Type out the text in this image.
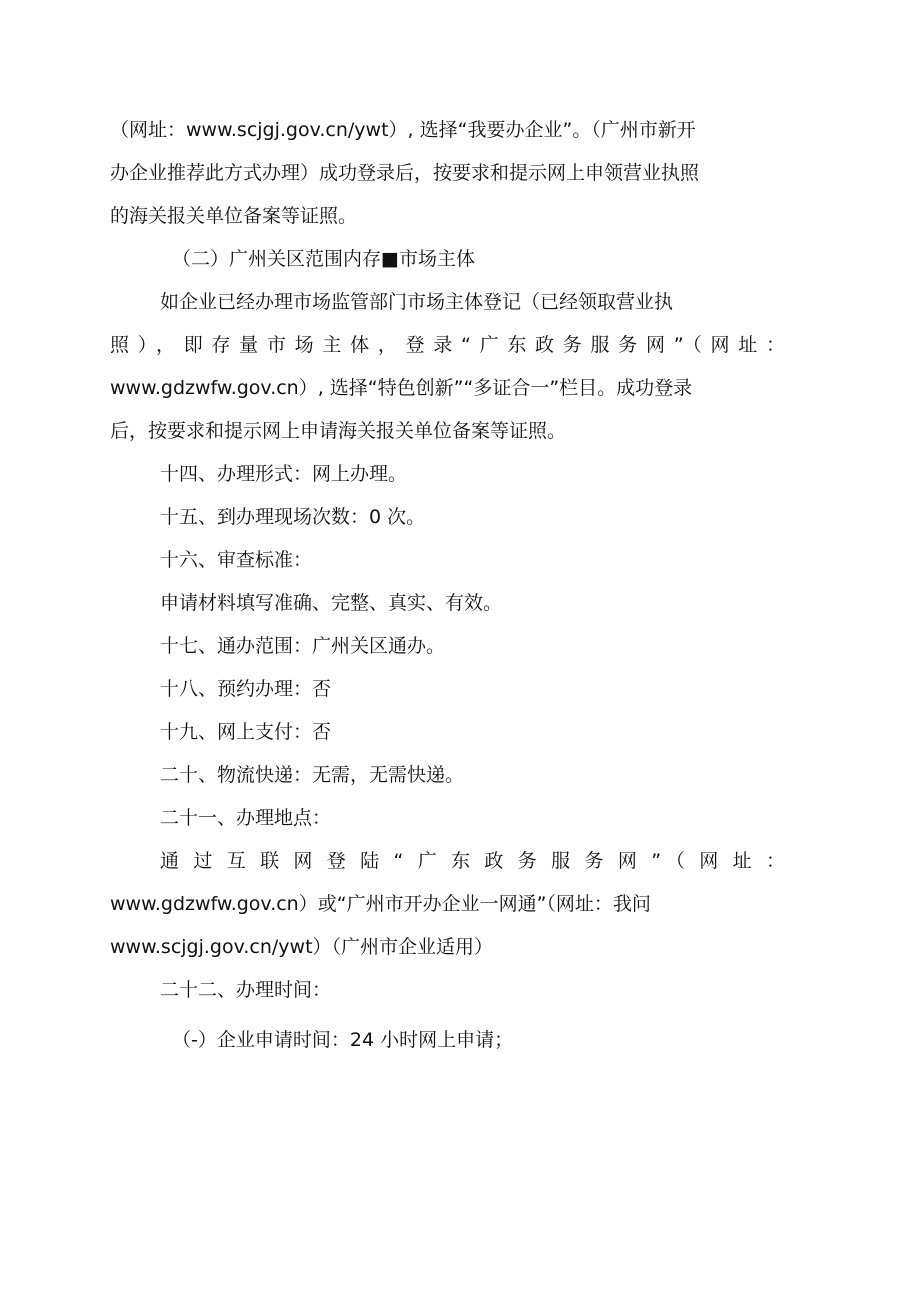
（网址：www.scjgj.gov.cn/ywt）, 选择“我要办企业”。（广州市新开
办企业推荐此方式办理）成功登录后，按要求和提示网上申领营业执照
的海关报关单位备案等证照。
（二）广州关区范围内存■市场主体
如企业已经办理市场监管部门市场主体登记（已经领取营业执
照），即存量市场主体，登录“广东政务服务网”（网址：
www.gdzwfw.gov.cn）, 选择“特色创新”“多证合一”栏目。成功登录
后，按要求和提示网上申请海关报关单位备案等证照。
十四、办理形式：网上办理。
十五、到办理现场次数：0 次。
十六、审查标准：
申请材料填写准确、完整、真实、有效。
十七、通办范围：广州关区通办。
十八、预约办理：否
十九、网上支付：否
二十、物流快递：无需，无需快递。
二十一、办理地点：
通过互联网登陆“广东政务服务网”（网址：
www.gdzwfw.gov.cn）或“广州市开办企业一网通”（网址：我问
www.scjgj.gov.cn/ywt）（广州市企业适用）
二十二、办理时间：
（-）企业申请时间：24 小时网上申请；
